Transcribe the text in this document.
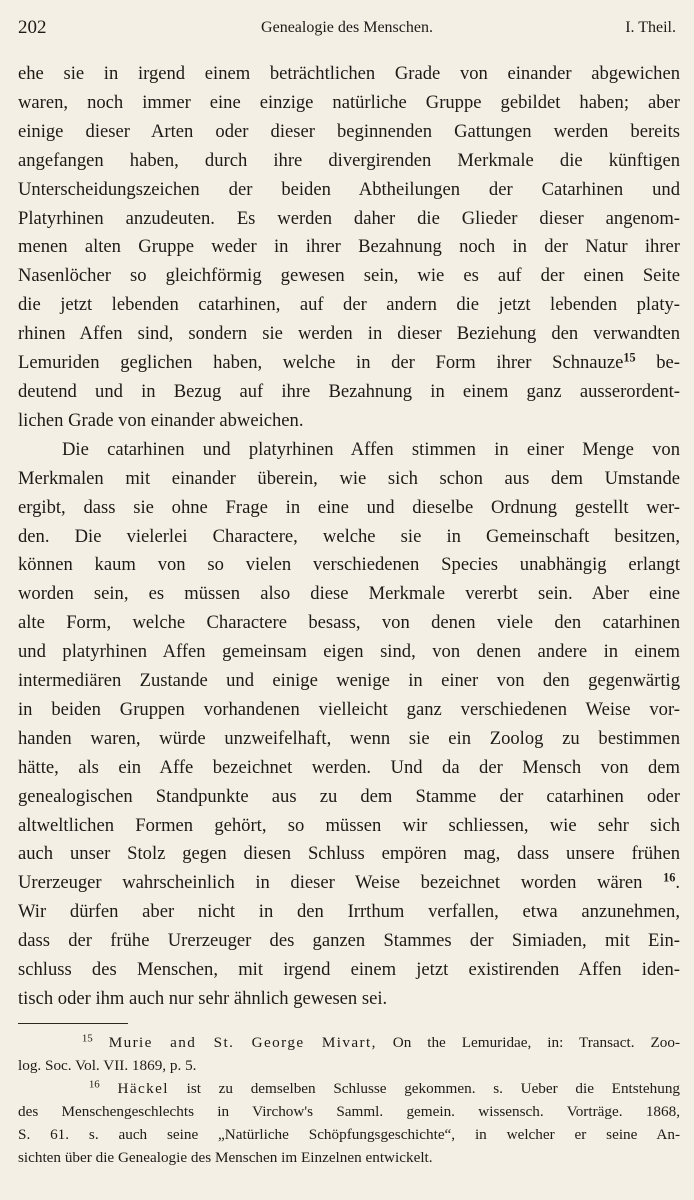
202	Genealogie des Menschen.	I. Theil.
ehe sie in irgend einem beträchtlichen Grade von einander abgewichen
waren, noch immer eine einzige natürliche Gruppe gebildet haben; aber
einige dieser Arten oder dieser beginnenden Gattungen werden bereits
angefangen haben, durch ihre divergirenden Merkmale die künftigen
Unterscheidungszeichen der beiden Abtheilungen der Catarhinen und
Platyrhinen anzudeuten. Es werden daher die Glieder dieser angenom-
menen alten Gruppe weder in ihrer Bezahnung noch in der Natur ihrer
Nasenlöcher so gleichförmig gewesen sein, wie es auf der einen Seite
die jetzt lebenden catarhinen, auf der andern die jetzt lebenden platy-
rhinen Affen sind, sondern sie werden in dieser Beziehung den verwandten
Lemuriden geglichen haben, welche in der Form ihrer Schnauze$^{15}$ be-
deutend und in Bezug auf ihre Bezahnung in einem ganz ausserordent-
lichen Grade von einander abweichen.
Die catarhinen und platyrhinen Affen stimmen in einer Menge von
Merkmalen mit einander überein, wie sich schon aus dem Umstande
ergibt, dass sie ohne Frage in eine und dieselbe Ordnung gestellt wer-
den. Die vielerlei Charactere, welche sie in Gemeinschaft besitzen,
können kaum von so vielen verschiedenen Species unabhängig erlangt
worden sein, es müssen also diese Merkmale vererbt sein. Aber eine
alte Form, welche Charactere besass, von denen viele den catarhinen
und platyrhinen Affen gemeinsam eigen sind, von denen andere in einem
intermediären Zustande und einige wenige in einer von den gegenwärtig
in beiden Gruppen vorhandenen vielleicht ganz verschiedenen Weise vor-
handen waren, würde unzweifelhaft, wenn sie ein Zoolog zu bestimmen
hätte, als ein Affe bezeichnet werden. Und da der Mensch von dem
genealogischen Standpunkte aus zu dem Stamme der catarhinen oder
altweltlichen Formen gehört, so müssen wir schliessen, wie sehr sich
auch unser Stolz gegen diesen Schluss empören mag, dass unsere frühen
Urerzeuger wahrscheinlich in dieser Weise bezeichnet worden wären $^{16}$.
Wir dürfen aber nicht in den Irrthum verfallen, etwa anzunehmen,
dass der frühe Urerzeuger des ganzen Stammes der Simiaden, mit Ein-
schluss des Menschen, mit irgend einem jetzt existirenden Affen iden-
tisch oder ihm auch nur sehr ähnlich gewesen sei.
$^{15}$ Murie and St. George Mivart, On the Lemuridae, in: Transact. Zoo-
log. Soc. Vol. VII. 1869, p. 5.
$^{16}$ Häckel ist zu demselben Schlusse gekommen. s. Ueber die Entstehung
des Menschengeschlechts in Virchow's Samml. gemein. wissensch. Vorträge. 1868,
S. 61. s. auch seine „Natürliche Schöpfungsgeschichte“, in welcher er seine An-
sichten über die Genealogie des Menschen im Einzelnen entwickelt.
